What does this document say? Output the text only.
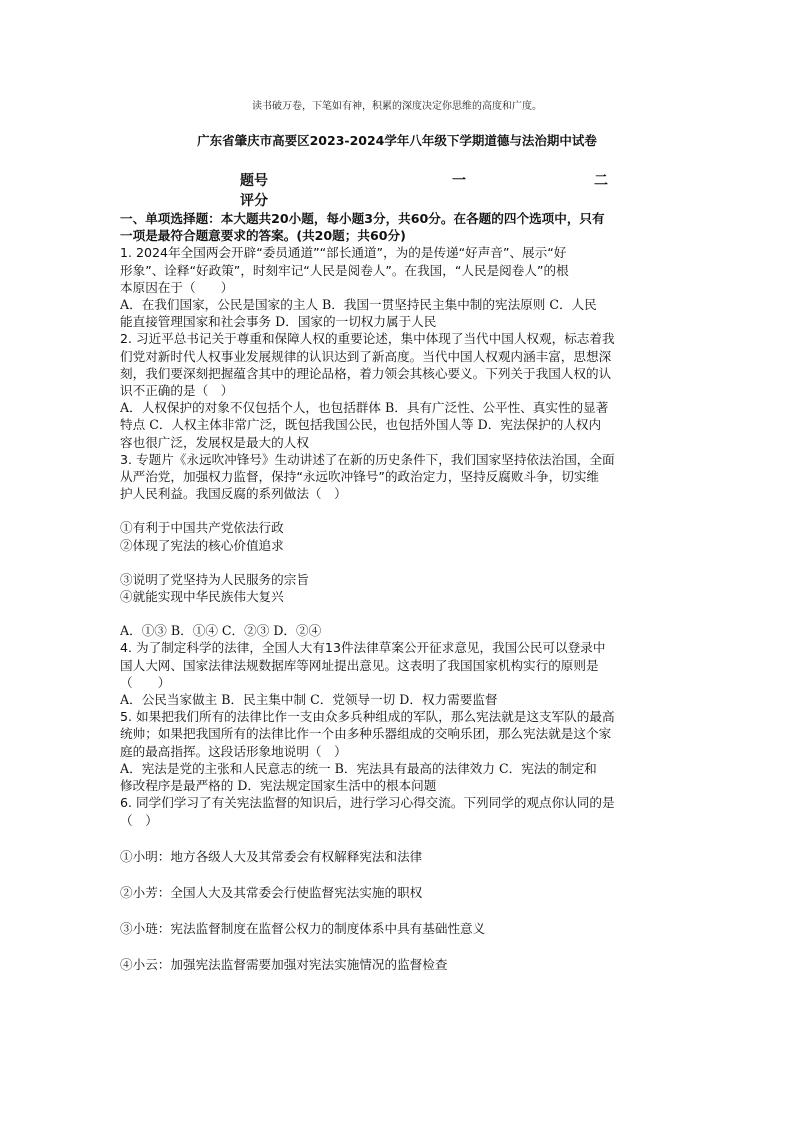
读书破万卷，下笔如有神，积累的深度决定你思维的高度和广度。
广东省肇庆市高要区2023-2024学年八年级下学期道德与法治期中试卷
题号	一	二
评分

一、单项选择题：本大题共20小题，每小题3分，共60分。在各题的四个选项中，只有

一项是最符合题意要求的答案。(共20题；共60分)

1. 2024年全国两会开辟“委员通道”“部长通道”，为的是传递“好声音”、展示“好

形象”、诠释“好政策”，时刻牢记“人民是阅卷人”。在我国，“人民是阅卷人”的根

本原因在于（　　）

A．在我们国家，公民是国家的主人 B．我国一贯坚持民主集中制的宪法原则 C．人民

能直接管理国家和社会事务 D．国家的一切权力属于人民

2. 习近平总书记关于尊重和保障人权的重要论述，集中体现了当代中国人权观，标志着我

们党对新时代人权事业发展规律的认识达到了新高度。当代中国人权观内涵丰富，思想深

刻，我们要深刻把握蕴含其中的理论品格，着力领会其核心要义。下列关于我国人权的认

识不正确的是（　）

A．人权保护的对象不仅包括个人，也包括群体 B．具有广泛性、公平性、真实性的显著

特点 C．人权主体非常广泛，既包括我国公民，也包括外国人等 D．宪法保护的人权内

容也很广泛，发展权是最大的人权

3. 专题片《永远吹冲锋号》生动讲述了在新的历史条件下，我们国家坚持依法治国，全面

从严治党，加强权力监督，保持“永远吹冲锋号”的政治定力，坚持反腐败斗争，切实维

护人民利益。我国反腐的系列做法（　）

①有利于中国共产党依法行政

②体现了宪法的核心价值追求

③说明了党坚持为人民服务的宗旨

④就能实现中华民族伟大复兴

A．①③ B．①④ C．②③ D．②④

4. 为了制定科学的法律，全国人大有13件法律草案公开征求意见，我国公民可以登录中

国人大网、国家法律法规数据库等网址提出意见。这表明了我国国家机构实行的原则是

（　　）

A．公民当家做主 B．民主集中制 C．党领导一切 D．权力需要监督

5. 如果把我们所有的法律比作一支由众多兵种组成的军队，那么宪法就是这支军队的最高

统帅；如果把我国所有的法律比作一个由多种乐器组成的交响乐团，那么宪法就是这个家

庭的最高指挥。这段话形象地说明（　）

A．宪法是党的主张和人民意志的统一 B．宪法具有最高的法律效力 C．宪法的制定和

修改程序是最严格的 D．宪法规定国家生活中的根本问题

6. 同学们学习了有关宪法监督的知识后，进行学习心得交流。下列同学的观点你认同的是

（　）

①小明：地方各级人大及其常委会有权解释宪法和法律

②小芳：全国人大及其常委会行使监督宪法实施的职权

③小琏：宪法监督制度在监督公权力的制度体系中具有基础性意义

④小云：加强宪法监督需要加强对宪法实施情况的监督检查
